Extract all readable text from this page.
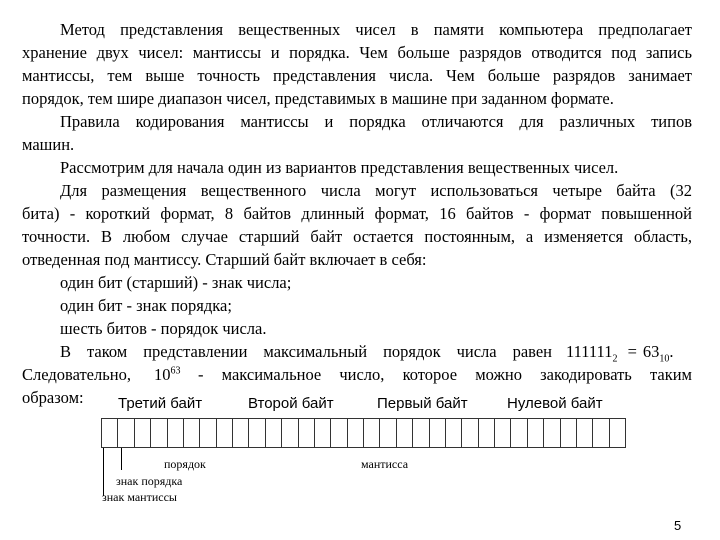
Метод представления вещественных чисел в памяти компьютера предполагает
хранение двух чисел: мантиссы и порядка. Чем больше разрядов отводится под запись
мантиссы, тем выше точность представления числа. Чем больше разрядов занимает
порядок, тем шире диапазон чисел, представимых в машине при заданном формате.
Правила кодирования мантиссы и порядка отличаются для различных типов
машин.
Рассмотрим для начала один из вариантов представления вещественных чисел.
Для размещения вещественного числа могут использоваться четыре байта (32
бита) - короткий формат, 8 байтов длинный формат, 16 байтов - формат повышенной
точности. В любом случае старший байт остается постоянным, а изменяется область,
отведенная под мантиссу. Старший байт включает в себя:
один бит (старший) - знак числа;
один бит - знак порядка;
шесть битов - порядок числа.
В таком представлении максимальный порядок числа равен $111111_2 = 63_{10}$.
Следовательно, $10^{63}$ - максимальное число, которое можно закодировать таким
образом:	Третий байт	Второй байт	Первый байт	Нулевой байт
порядок	мантисса
знак порядка
знак мантиссы
5
